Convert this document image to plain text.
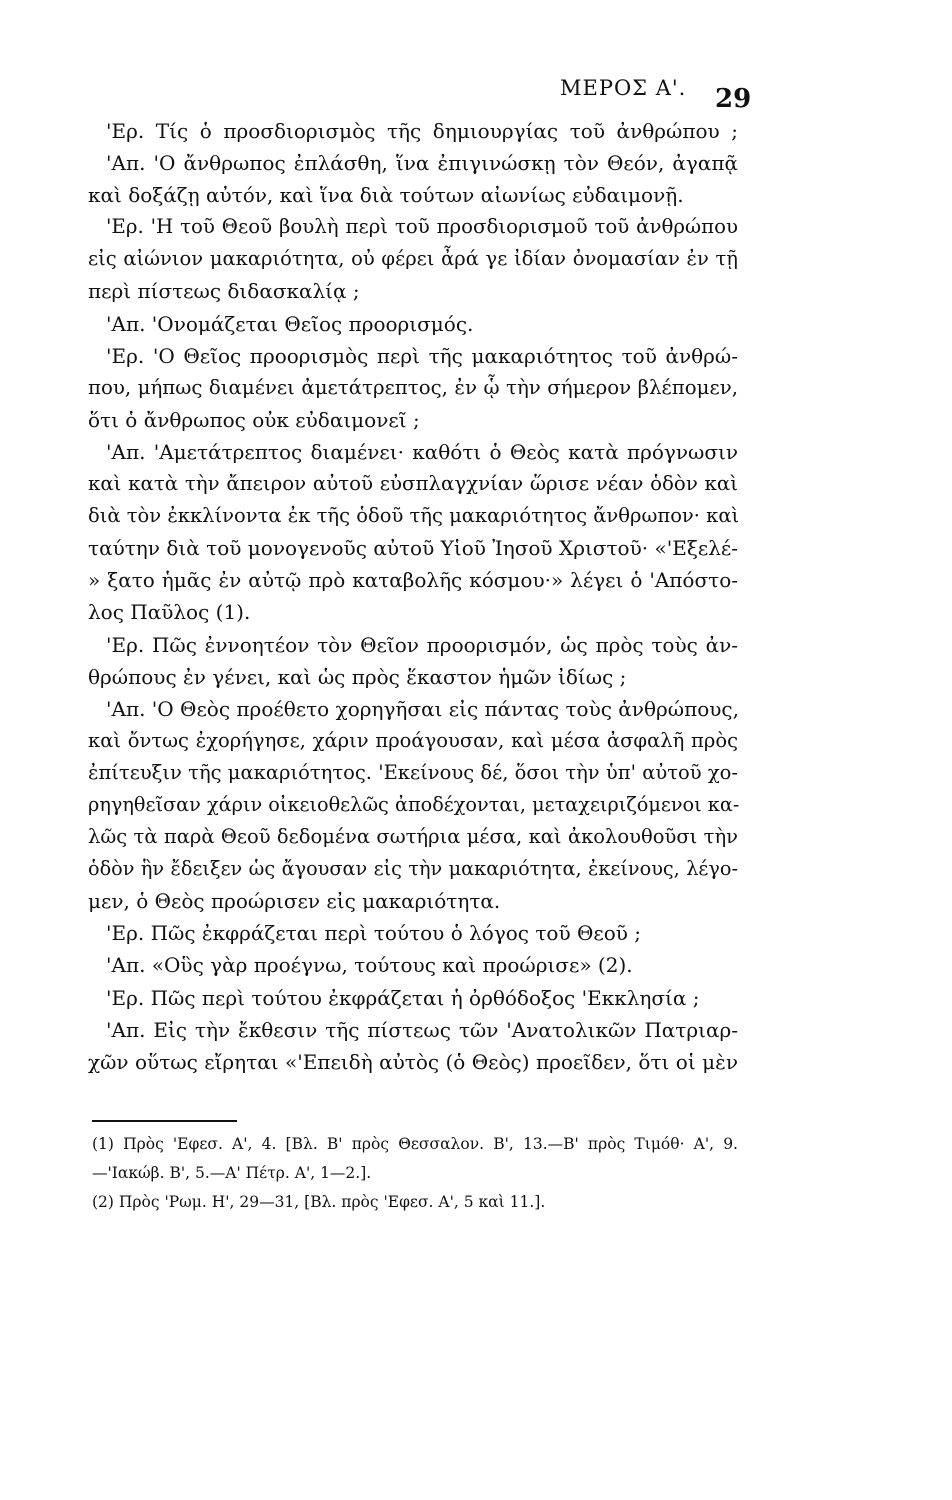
ΜΕΡΟΣ Α'. 29
'Ερ. Τίς ὁ προσδιορισμὸς τῆς δημιουργίας τοῦ ἀνθρώπου ;
'Απ. 'Ο ἄνθρωπος ἐπλάσθη, ἵνα ἐπιγινώσκῃ τὸν Θεόν, ἀγαπᾷ
καὶ δοξάζῃ αὐτόν, καὶ ἵνα διὰ τούτων αἰωνίως εὐδαιμονῇ.
'Ερ. 'Η τοῦ Θεοῦ βουλὴ περὶ τοῦ προσδιορισμοῦ τοῦ ἀνθρώπου
εἰς αἰώνιον μακαριότητα, οὐ φέρει ἆρά γε ἰδίαν ὀνομασίαν ἐν τῇ
περὶ πίστεως διδασκαλίᾳ ;
'Απ. 'Ονομάζεται Θεῖος προορισμός.
'Ερ. 'Ο Θεῖος προορισμὸς περὶ τῆς μακαριότητος τοῦ ἀνθρώ-
που, μήπως διαμένει ἀμετάτρεπτος, ἐν ᾧ τὴν σήμερον βλέπομεν,
ὅτι ὁ ἄνθρωπος οὐκ εὐδαιμονεῖ ;
'Απ. 'Αμετάτρεπτος διαμένει· καθότι ὁ Θεὸς κατὰ πρόγνωσιν
καὶ κατὰ τὴν ἄπειρον αὐτοῦ εὐσπλαγχνίαν ὥρισε νέαν ὁδὸν καὶ
διὰ τὸν ἐκκλίνοντα ἐκ τῆς ὁδοῦ τῆς μακαριότητος ἄνθρωπον· καὶ
ταύτην διὰ τοῦ μονογενοῦς αὐτοῦ Υἱοῦ Ἰησοῦ Χριστοῦ· «'Εξελέ-
» ξατο ἡμᾶς ἐν αὐτῷ πρὸ καταβολῆς κόσμου·» λέγει ὁ 'Απόστο-
λος Παῦλος (1).
'Ερ. Πῶς ἐννοητέον τὸν Θεῖον προορισμόν, ὡς πρὸς τοὺς ἀν-
θρώπους ἐν γένει, καὶ ὡς πρὸς ἕκαστον ἡμῶν ἰδίως ;
'Απ. 'Ο Θεὸς προέθετο χορηγῆσαι εἰς πάντας τοὺς ἀνθρώπους,
καὶ ὄντως ἐχορήγησε, χάριν προάγουσαν, καὶ μέσα ἀσφαλῆ πρὸς
ἐπίτευξιν τῆς μακαριότητος. 'Εκείνους δέ, ὅσοι τὴν ὑπ' αὐτοῦ χο-
ρηγηθεῖσαν χάριν οἰκειοθελῶς ἀποδέχονται, μεταχειριζόμενοι κα-
λῶς τὰ παρὰ Θεοῦ δεδομένα σωτήρια μέσα, καὶ ἀκολουθοῦσι τὴν
ὁδὸν ἣν ἔδειξεν ὡς ἄγουσαν εἰς τὴν μακαριότητα, ἐκείνους, λέγο-
μεν, ὁ Θεὸς προώρισεν εἰς μακαριότητα.
'Ερ. Πῶς ἐκφράζεται περὶ τούτου ὁ λόγος τοῦ Θεοῦ ;
'Απ. «Οὓς γὰρ προέγνω, τούτους καὶ προώρισε» (2).
'Ερ. Πῶς περὶ τούτου ἐκφράζεται ἡ ὀρθόδοξος 'Εκκλησία ;
'Απ. Εἰς τὴν ἔκθεσιν τῆς πίστεως τῶν 'Ανατολικῶν Πατριαρ-
χῶν οὕτως εἴρηται «'Επειδὴ αὐτὸς (ὁ Θεὸς) προεῖδεν, ὅτι οἱ μὲν
(1) Πρὸς 'Εφεσ. Α', 4. [Βλ. Β' πρὸς Θεσσαλον. Β', 13.—Β' πρὸς Τιμόθ· Α', 9.
—'Ιακώβ. Β', 5.—Α' Πέτρ. Α', 1—2.].
(2) Πρὸς 'Ρωμ. Η', 29—31, [Βλ. πρὸς 'Εφεσ. Α', 5 καὶ 11.].
